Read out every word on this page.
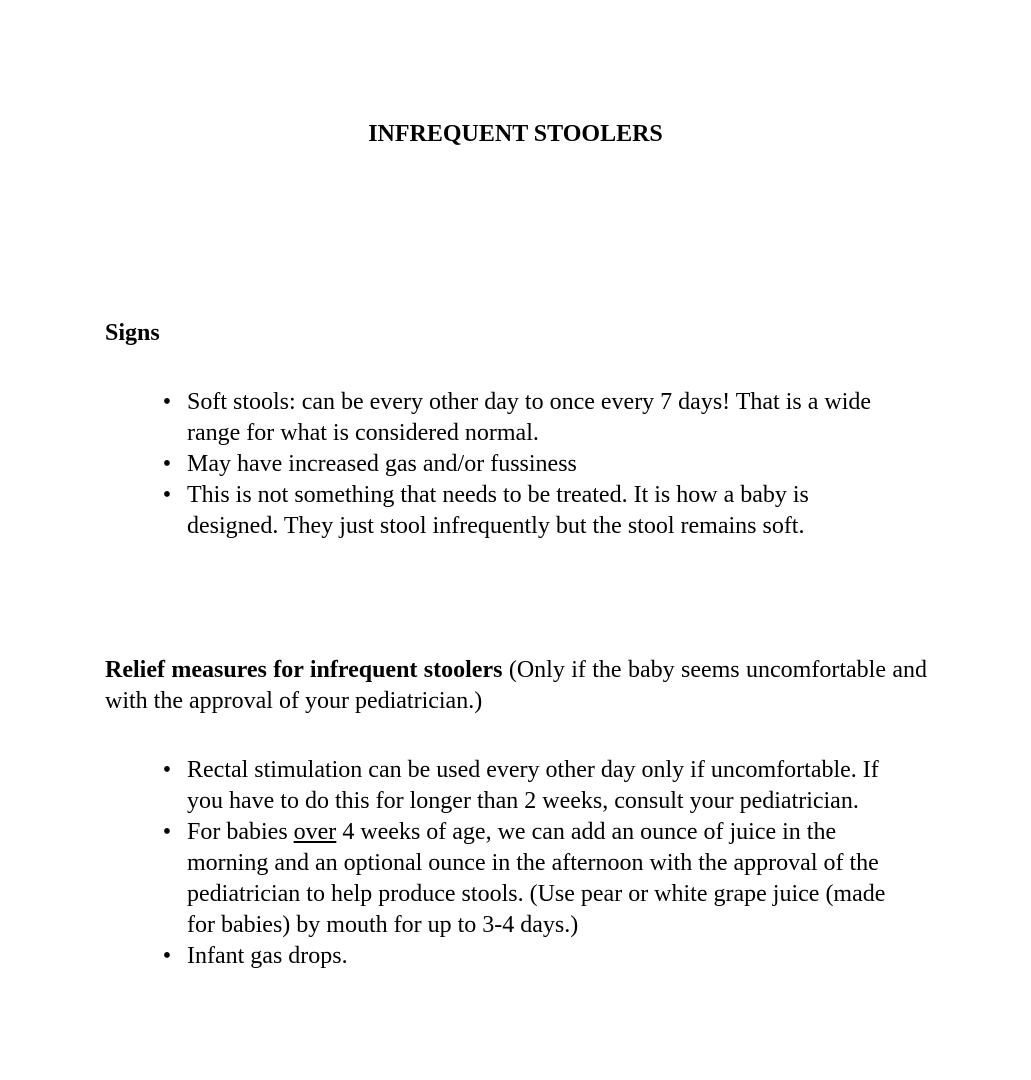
INFREQUENT STOOLERS
Signs
• Soft stools: can be every other day to once every 7 days! That is a wide range for what is considered normal.
• May have increased gas and/or fussiness
• This is not something that needs to be treated. It is how a baby is designed. They just stool infrequently but the stool remains soft.

Relief measures for infrequent stoolers (Only if the baby seems uncomfortable and with the approval of your pediatrician.)

• Rectal stimulation can be used every other day only if uncomfortable. If you have to do this for longer than 2 weeks, consult your pediatrician.
• For babies over 4 weeks of age, we can add an ounce of juice in the morning and an optional ounce in the afternoon with the approval of the pediatrician to help produce stools. (Use pear or white grape juice (made for babies) by mouth for up to 3-4 days.)
• Infant gas drops.
